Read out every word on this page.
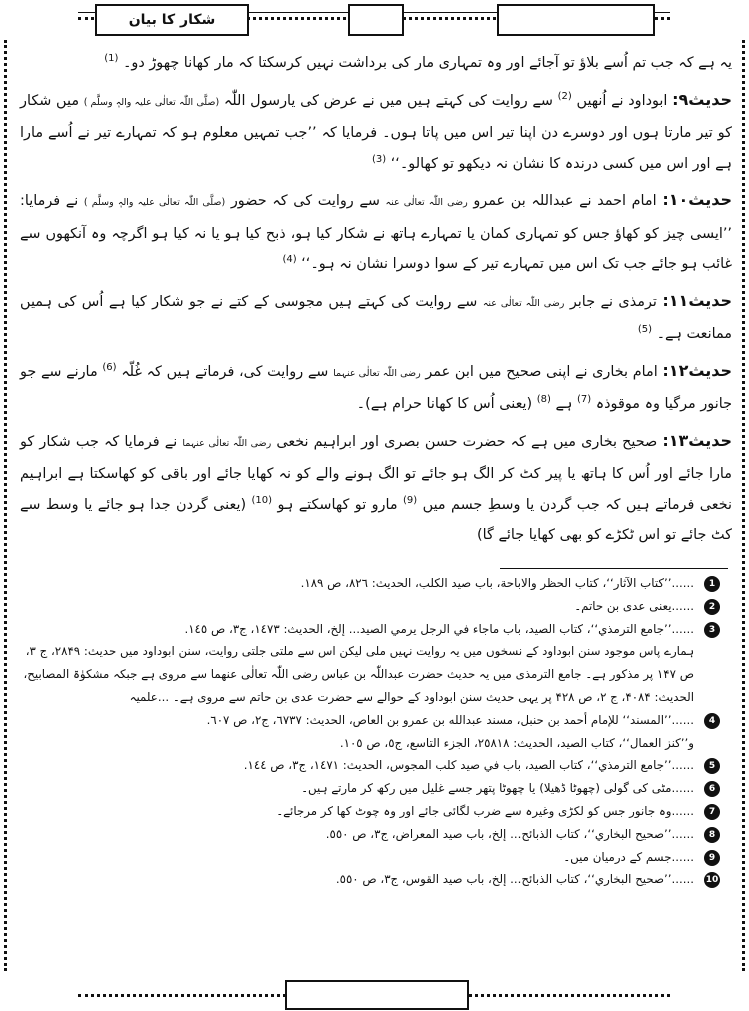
شکار کا بیان

یہ ہے کہ جب تم اُسے بلاؤ تو آجائے اور وہ تمہاری مار کی برداشت نہیں کرسکتا کہ مار کھانا چھوڑ دو۔ $^{(1)}$

حدیث۹: ابوداود نے اُنھیں $^{(2)}$ سے روایت کی کہتے ہیں میں نے عرض کی یارسول اللّٰہ (صلَّی اللّٰہ تعالٰی علیہ والہٖ وسلَّم ) میں شکار کو تیر مارتا ہوں اور دوسرے دن اپنا تیر اس میں پاتا ہوں۔ فرمایا کہ ’’جب تمہیں معلوم ہو کہ تمہارے تیر نے اُسے مارا ہے اور اس میں کسی درندہ کا نشان نہ دیکھو تو کھالو۔‘‘ $^{(3)}$

حدیث۱۰: امام احمد نے عبداللہ بن عمرو رضی اللّٰہ تعالٰی عنہ سے روایت کی کہ حضور (صلَّی اللّٰہ تعالٰی علیہ والہٖ وسلَّم ) نے فرمایا: ’’ایسی چیز کو کھاؤ جس کو تمہاری کمان یا تمہارے ہاتھ نے شکار کیا ہو، ذبح کیا ہو یا نہ کیا ہو اگرچہ وہ آنکھوں سے غائب ہو جائے جب تک اس میں تمہارے تیر کے سوا دوسرا نشان نہ ہو۔‘‘ $^{(4)}$

حدیث۱۱: ترمذی نے جابر رضی اللّٰہ تعالٰی عنہ سے روایت کی کہتے ہیں مجوسی کے کتے نے جو شکار کیا ہے اُس کی ہمیں ممانعت ہے۔ $^{(5)}$

حدیث۱۲: امام بخاری نے اپنی صحیح میں ابن عمر رضی اللّٰہ تعالٰی عنہما سے روایت کی، فرماتے ہیں کہ غُلّہ $^{(6)}$ مارنے سے جو جانور مرگیا وہ موقوذہ $^{(7)}$ ہے $^{(8)}$ (یعنی اُس کا کھانا حرام ہے)۔

حدیث۱۳: صحیح بخاری میں ہے کہ حضرت حسن بصری اور ابراہیم نخعی رضی اللّٰہ تعالٰی عنہما نے فرمایا کہ جب شکار کو مارا جائے اور اُس کا ہاتھ یا پیر کٹ کر الگ ہو جائے تو الگ ہونے والے کو نہ کھایا جائے اور باقی کو کھاسکتا ہے ابراہیم نخعی فرماتے ہیں کہ جب گردن یا وسطِ جسم میں $^{(9)}$ مارو تو کھاسکتے ہو $^{(10)}$ (یعنی گردن جدا ہو جائے یا وسط سے کٹ جائے تو اس ٹکڑے کو بھی کھایا جائے گا)

1
......’’كتاب الآثار‘‘، كتاب الحظر والاباحة، باب صيد الكلب، الحديث: ٨٢٦، ص ١٨٩.
2
......یعنی عدی بن حاتم۔
3
......’’جامع الترمذي‘‘، كتاب الصيد، باب ماجاء في الرجل يرمي الصيد... إلخ، الحديث: ١٤٧٣، ج٣، ص ١٤٥.
ہمارے پاس موجود سنن ابوداود کے نسخوں میں یہ روایت نہیں ملی لیکن اس سے ملتی جلتی روایت، سنن ابوداود میں حدیث: ۲۸۴۹، ج ۳، ص ۱۴۷ پر مذکور ہے۔ جامع الترمذی میں یہ حدیث حضرت عبداللّٰہ بن عباس رضی اللّٰہ تعالٰی عنھما سے مروی ہے جبکہ مشکوٰۃ المصابیح، الحدیث: ۴۰۸۴، ج ۲، ص ۴۲۸ پر یہی حدیث سنن ابوداود کے حوالے سے حضرت عدی بن حاتم سے مروی ہے۔ ...علمیہ
4
......’’المسند‘‘ للإمام أحمد بن حنبل، مسند عبدالله بن عمرو بن العاص، الحديث: ٦٧٣٧، ج٢، ص ٦٠٧.
و’’كنز العمال‘‘، كتاب الصيد، الحديث: ٢٥٨١٨، الجزء التاسع، ج٥، ص ١٠٥.
5
......’’جامع الترمذي‘‘، كتاب الصيد، باب في صيد كلب المجوس، الحديث: ١٤٧١، ج٣، ص ١٤٤.
6
......مٹی کی گولی (چھوٹا ڈھیلا) یا چھوٹا پتھر جسے غلیل میں رکھ کر مارتے ہیں۔
7
......وہ جانور جس کو لکڑی وغیرہ سے ضرب لگائی جائے اور وہ چوٹ کھا کر مرجائے۔
8
......’’صحيح البخاري‘‘، كتاب الذبائح... إلخ، باب صيد المعراض، ج٣، ص ٥٥٠.
9
......جسم کے درمیان میں۔
10
......’’صحيح البخاري‘‘، كتاب الذبائح... إلخ، باب صيد القوس، ج٣، ص ٥٥٠.
